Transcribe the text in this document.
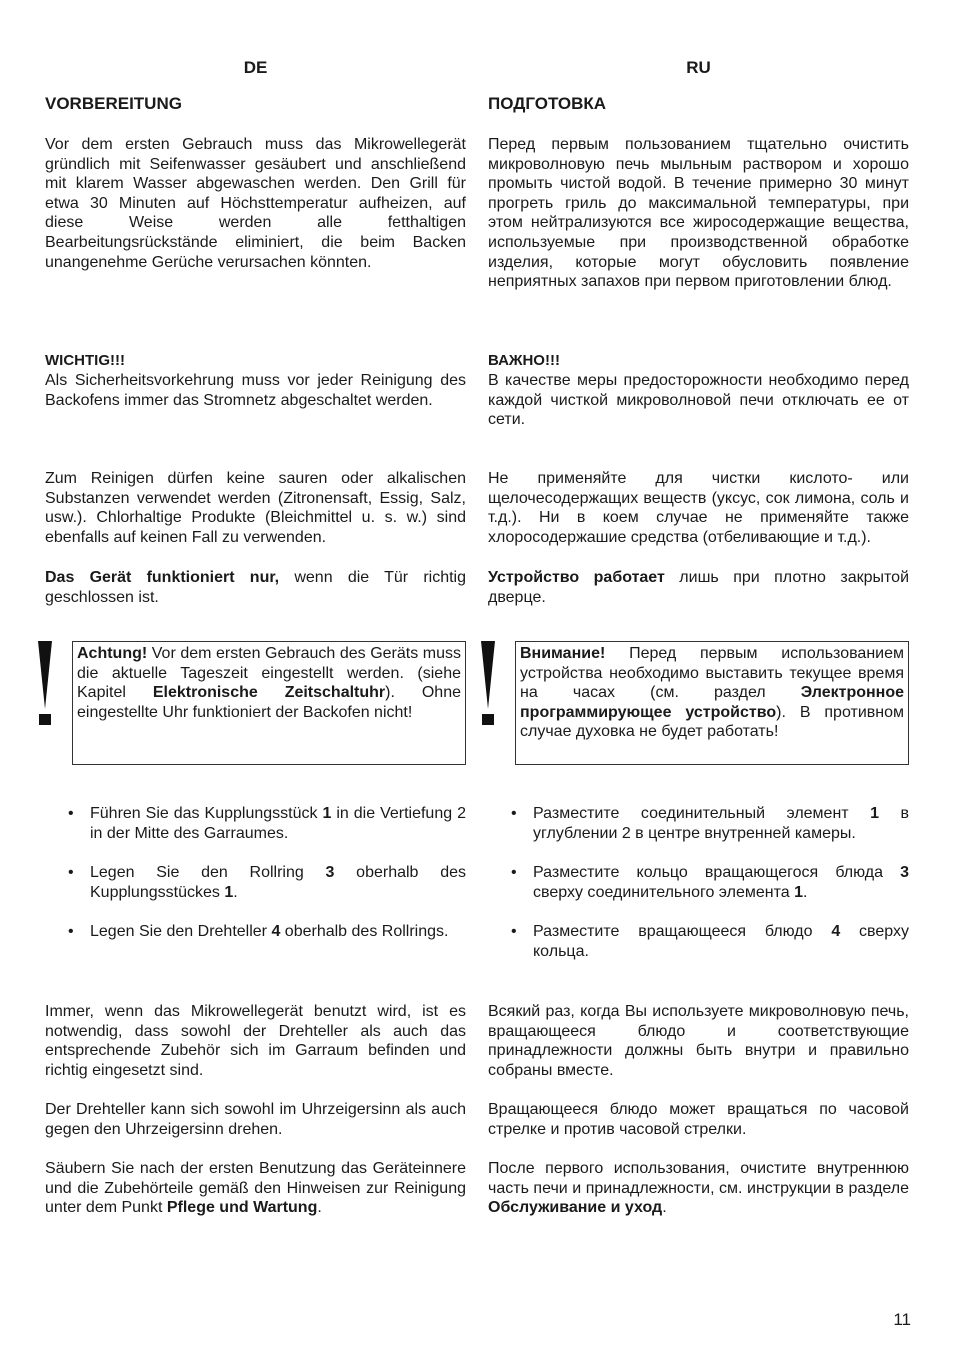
DE
VORBEREITUNG
Vor dem ersten Gebrauch muss das Mikrowellegerät gründlich mit Seifenwasser gesäubert und anschließend mit klarem Wasser abgewaschen werden. Den Grill für etwa 30 Minuten auf Höchsttemperatur aufheizen, auf diese Weise werden alle fetthaltigen Bearbeitungsrückstände eliminiert, die beim Backen unangenehme Gerüche verursachen könnten.
WICHTIG!!!
Als Sicherheitsvorkehrung muss vor jeder Reinigung des Backofens immer das Stromnetz abgeschaltet werden.
Zum Reinigen dürfen keine sauren oder alkalischen Substanzen verwendet werden (Zitronensaft, Essig, Salz, usw.). Chlorhaltige Produkte (Bleichmittel u. s. w.) sind ebenfalls auf keinen Fall zu verwenden.
Das Gerät funktioniert nur, wenn die Tür richtig geschlossen ist.
Achtung! Vor dem ersten Gebrauch des Geräts muss die aktuelle Tageszeit eingestellt werden. (siehe Kapitel Elektronische Zeitschaltuhr). Ohne eingestellte Uhr funktioniert der Backofen nicht!
• Führen Sie das Kupplungsstück 1 in die Vertiefung 2 in der Mitte des Garraumes.
• Legen Sie den Rollring 3 oberhalb des Kupplungsstückes 1.
• Legen Sie den Drehteller 4 oberhalb des Rollrings.
Immer, wenn das Mikrowellegerät benutzt wird, ist es notwendig, dass sowohl der Drehteller als auch das entsprechende Zubehör sich im Garraum befinden und richtig eingesetzt sind.
Der Drehteller kann sich sowohl im Uhrzeigersinn als auch gegen den Uhrzeigersinn drehen.
Säubern Sie nach der ersten Benutzung das Geräteinnere und die Zubehörteile gemäß den Hinweisen zur Reinigung unter dem Punkt Pflege und Wartung.
RU
ПОДГОТОВКА
Перед первым пользованием тщательно очистить микроволновую печь мыльным раствором и хорошо промыть чистой водой. В течение примерно 30 минут прогреть гриль до максимальной температуры, при этом нейтрализуются все жиросодержащие вещества, используемые при производственной обработке изделия, которые могут обусловить появление неприятных запахов при первом приготовлении блюд.
ВАЖНО!!!
В качестве меры предосторожности необходимо перед каждой чисткой микроволновой печи отключать ее от сети.
Не применяйте для чистки кислото- или щелочесодержащих веществ (уксус, сок лимона, соль и т.д.). Ни в коем случае не применяйте также хлоросодержашие средства (отбеливающие и т.д.).
Устройство работает лишь при плотно закрытой дверце.
Внимание! Перед первым использованием устройства необходимо выставить текущее время на часах (см. раздел Электронное программирующее устройство). В противном случае духовка не будет работать!
• Разместите соединительный элемент 1 в углублении 2 в центре внутренней камеры.
• Разместите кольцо вращающегося блюда 3 сверху соединительного элемента 1.
• Разместите вращающееся блюдо 4 сверху кольца.
Всякий раз, когда Вы используете микроволновую печь, вращающееся блюдо и соответствующие принадлежности должны быть внутри и правильно собраны вместе.
Вращающееся блюдо может вращаться по часовой стрелке и против часовой стрелки.
После первого использования, очистите внутреннюю часть печи и принадлежности, см. инструкции в разделе Обслуживание и уход.
11
